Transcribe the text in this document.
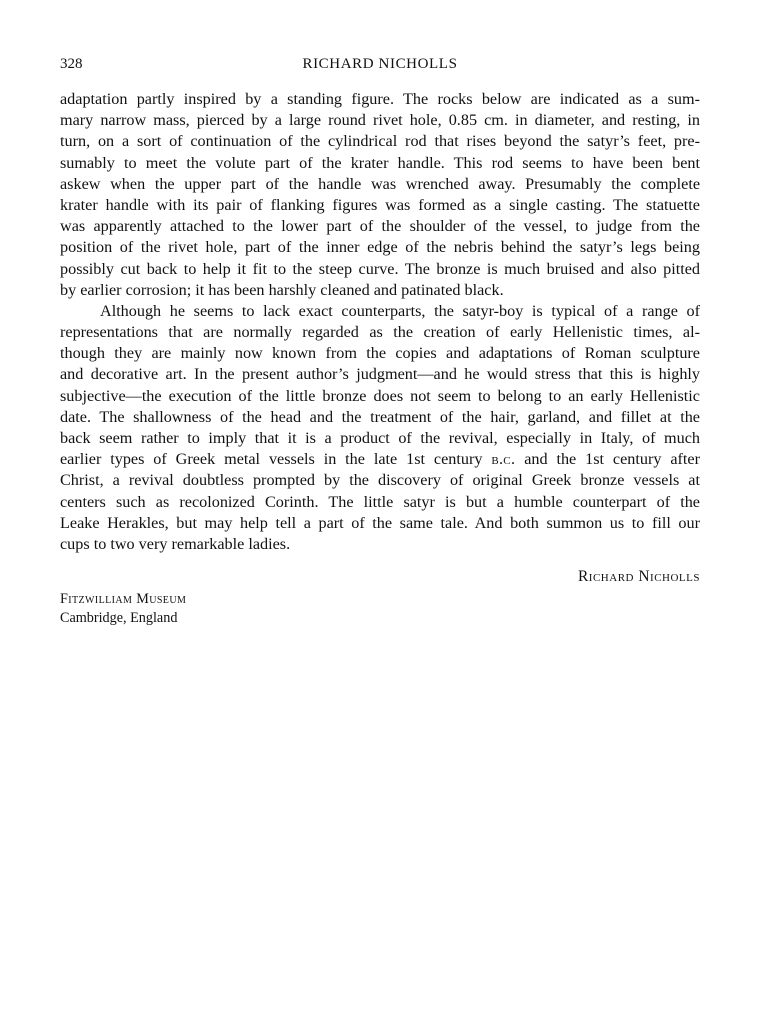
328	RICHARD NICHOLLS
adaptation partly inspired by a standing figure. The rocks below are indicated as a sum-
mary narrow mass, pierced by a large round rivet hole, 0.85 cm. in diameter, and resting, in
turn, on a sort of continuation of the cylindrical rod that rises beyond the satyr’s feet, pre-
sumably to meet the volute part of the krater handle. This rod seems to have been bent
askew when the upper part of the handle was wrenched away. Presumably the complete
krater handle with its pair of flanking figures was formed as a single casting. The statuette
was apparently attached to the lower part of the shoulder of the vessel, to judge from the
position of the rivet hole, part of the inner edge of the nebris behind the satyr’s legs being
possibly cut back to help it fit to the steep curve. The bronze is much bruised and also pitted
by earlier corrosion; it has been harshly cleaned and patinated black.
Although he seems to lack exact counterparts, the satyr-boy is typical of a range of
representations that are normally regarded as the creation of early Hellenistic times, al-
though they are mainly now known from the copies and adaptations of Roman sculpture
and decorative art. In the present author’s judgment—and he would stress that this is highly
subjective—the execution of the little bronze does not seem to belong to an early Hellenistic
date. The shallowness of the head and the treatment of the hair, garland, and fillet at the
back seem rather to imply that it is a product of the revival, especially in Italy, of much
earlier types of Greek metal vessels in the late 1st century b.c. and the 1st century after
Christ, a revival doubtless prompted by the discovery of original Greek bronze vessels at
centers such as recolonized Corinth. The little satyr is but a humble counterpart of the
Leake Herakles, but may help tell a part of the same tale. And both summon us to fill our
cups to two very remarkable ladies.
Richard Nicholls
Fitzwilliam Museum
Cambridge, England
